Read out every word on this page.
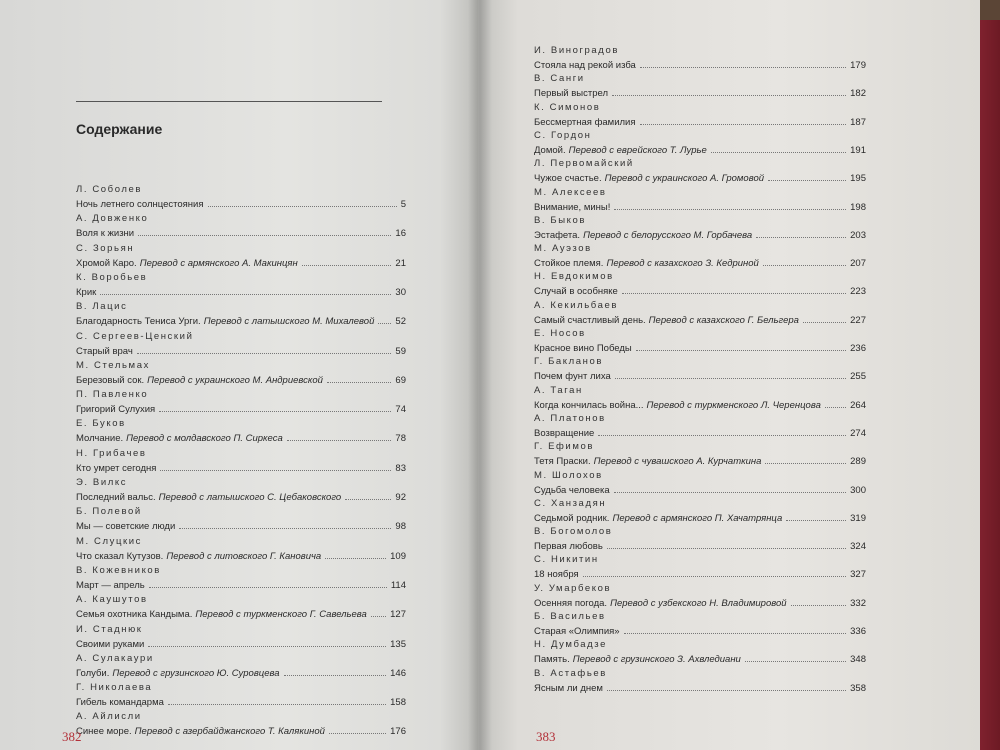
Содержание
Л. Соболев
Ночь летнего солнцестояния	5
А. Довженко
Воля к жизни	16
С. Зорьян
Хромой Каро. Перевод с армянского А. Макинцян	21
К. Воробьев
Крик	30
В. Лацис
Благодарность Тениса Урги. Перевод с латышского М. Михалевой 52
С. Сергеев-Ценский
Старый врач	59
М. Стельмах
Березовый сок. Перевод с украинского М. Андриевской	69
П. Павленко
Григорий Сулухия	74
Е. Буков
Молчание. Перевод с молдавского П. Сиркеса	78
Н. Грибачев
Кто умрет сегодня	83
Э. Вилкс
Последний вальс. Перевод с латышского С. Цебаковского	92
Б. Полевой
Мы — советские люди	98
М. Слуцкис
Что сказал Кутузов. Перевод с литовского Г. Кановича	109
В. Кожевников
Март — апрель	114
А. Каушутов
Семья охотника Кандыма. Перевод с туркменского Г. Савельева 127
И. Стаднюк
Своими руками	135
А. Сулакаури
Голуби. Перевод с грузинского Ю. Суровцева	146
Г. Николаева
Гибель командарма	158
А. Айлисли
Синее море. Перевод с азербайджанского Т. Калякиной	176
382
И. Виноградов
Стояла над рекой изба	179
В. Санги
Первый выстрел	182
К. Симонов
Бессмертная фамилия	187
С. Гордон
Домой. Перевод с еврейского Т. Лурье	191
Л. Первомайский
Чужое счастье. Перевод с украинского А. Громовой	195
М. Алексеев
Внимание, мины!	198
В. Быков
Эстафета. Перевод с белорусского М. Горбачева	203
М. Ауэзов
Стойкое племя. Перевод с казахского З. Кедриной	207
Н. Евдокимов
Случай в особняке	223
А. Кекильбаев
Самый счастливый день. Перевод с казахского Г. Бельгера	227
Е. Носов
Красное вино Победы	236
Г. Бакланов
Почем фунт лиха	255
А. Таган
Когда кончилась война... Перевод с туркменского Л. Черенцова	264
А. Платонов
Возвращение	274
Г. Ефимов
Тетя Праски. Перевод с чувашского А. Курчаткина	289
М. Шолохов
Судьба человека	300
С. Ханзадян
Седьмой родник. Перевод с армянского П. Хачатрянца	319
В. Богомолов
Первая любовь	324
С. Никитин
18 ноября	327
У. Умарбеков
Осенняя погода. Перевод с узбекского Н. Владимировой	332
Б. Васильев
Старая «Олимпия»	336
Н. Думбадзе
Память. Перевод с грузинского З. Ахвледиани	348
В. Астафьев
Ясным ли днем	358
383
